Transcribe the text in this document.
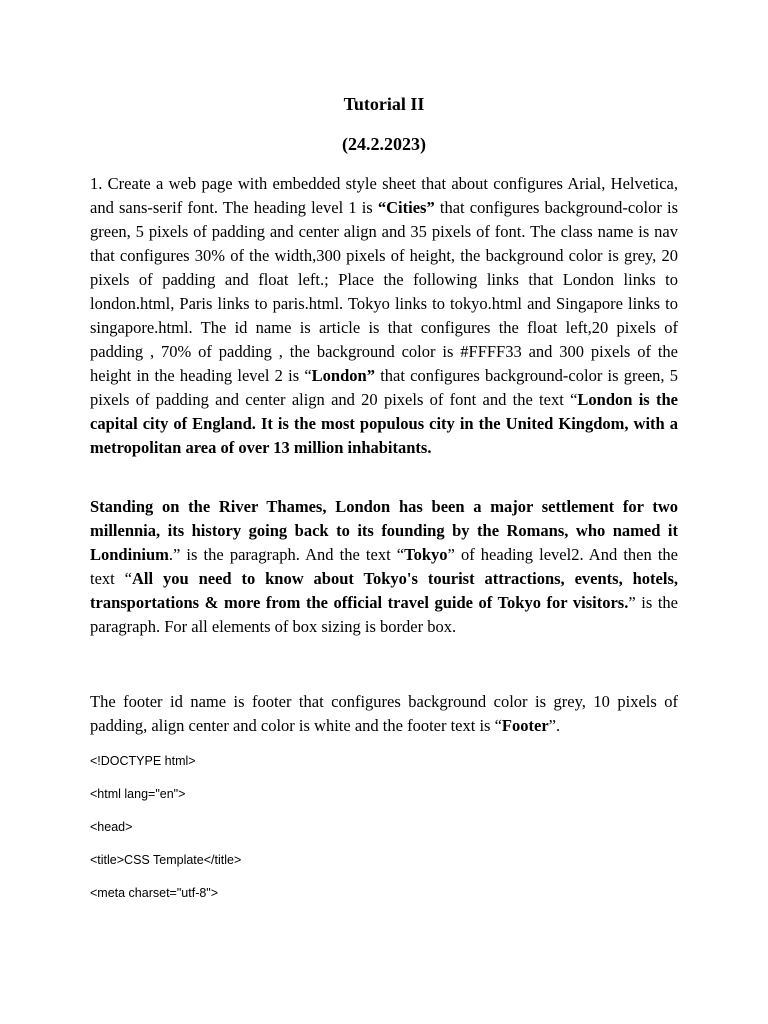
Tutorial II
(24.2.2023)

1. Create a web page with embedded style sheet that about configures Arial, Helvetica, and sans-serif font. The heading level 1 is “Cities” that configures background-color is green, 5 pixels of padding and center align and 35 pixels of font. The class name is nav that configures 30% of the width,300 pixels of height, the background color is grey, 20 pixels of padding and float left.; Place the following links that London links to london.html, Paris links to paris.html. Tokyo links to tokyo.html and Singapore links to singapore.html. The id name is article is that configures the float left,20 pixels of padding , 70% of padding , the background color is #FFFF33 and 300 pixels of the height in the heading level 2 is “London” that configures background-color is green, 5 pixels of padding and center align and 20 pixels of font and the text “London is the capital city of England. It is the most populous city in the United Kingdom, with a metropolitan area of over 13 million inhabitants.

Standing on the River Thames, London has been a major settlement for two millennia, its history going back to its founding by the Romans, who named it Londinium.” is the paragraph. And the text “Tokyo” of heading level2. And then the text “All you need to know about Tokyo's tourist attractions, events, hotels, transportations & more from the official travel guide of Tokyo for visitors.” is the paragraph. For all elements of box sizing is border box.

The footer id name is footer that configures background color is grey, 10 pixels of padding, align center and color is white and the footer text is “Footer”.

<!DOCTYPE html>
<html lang="en">
<head>
<title>CSS Template</title>
<meta charset="utf-8">
